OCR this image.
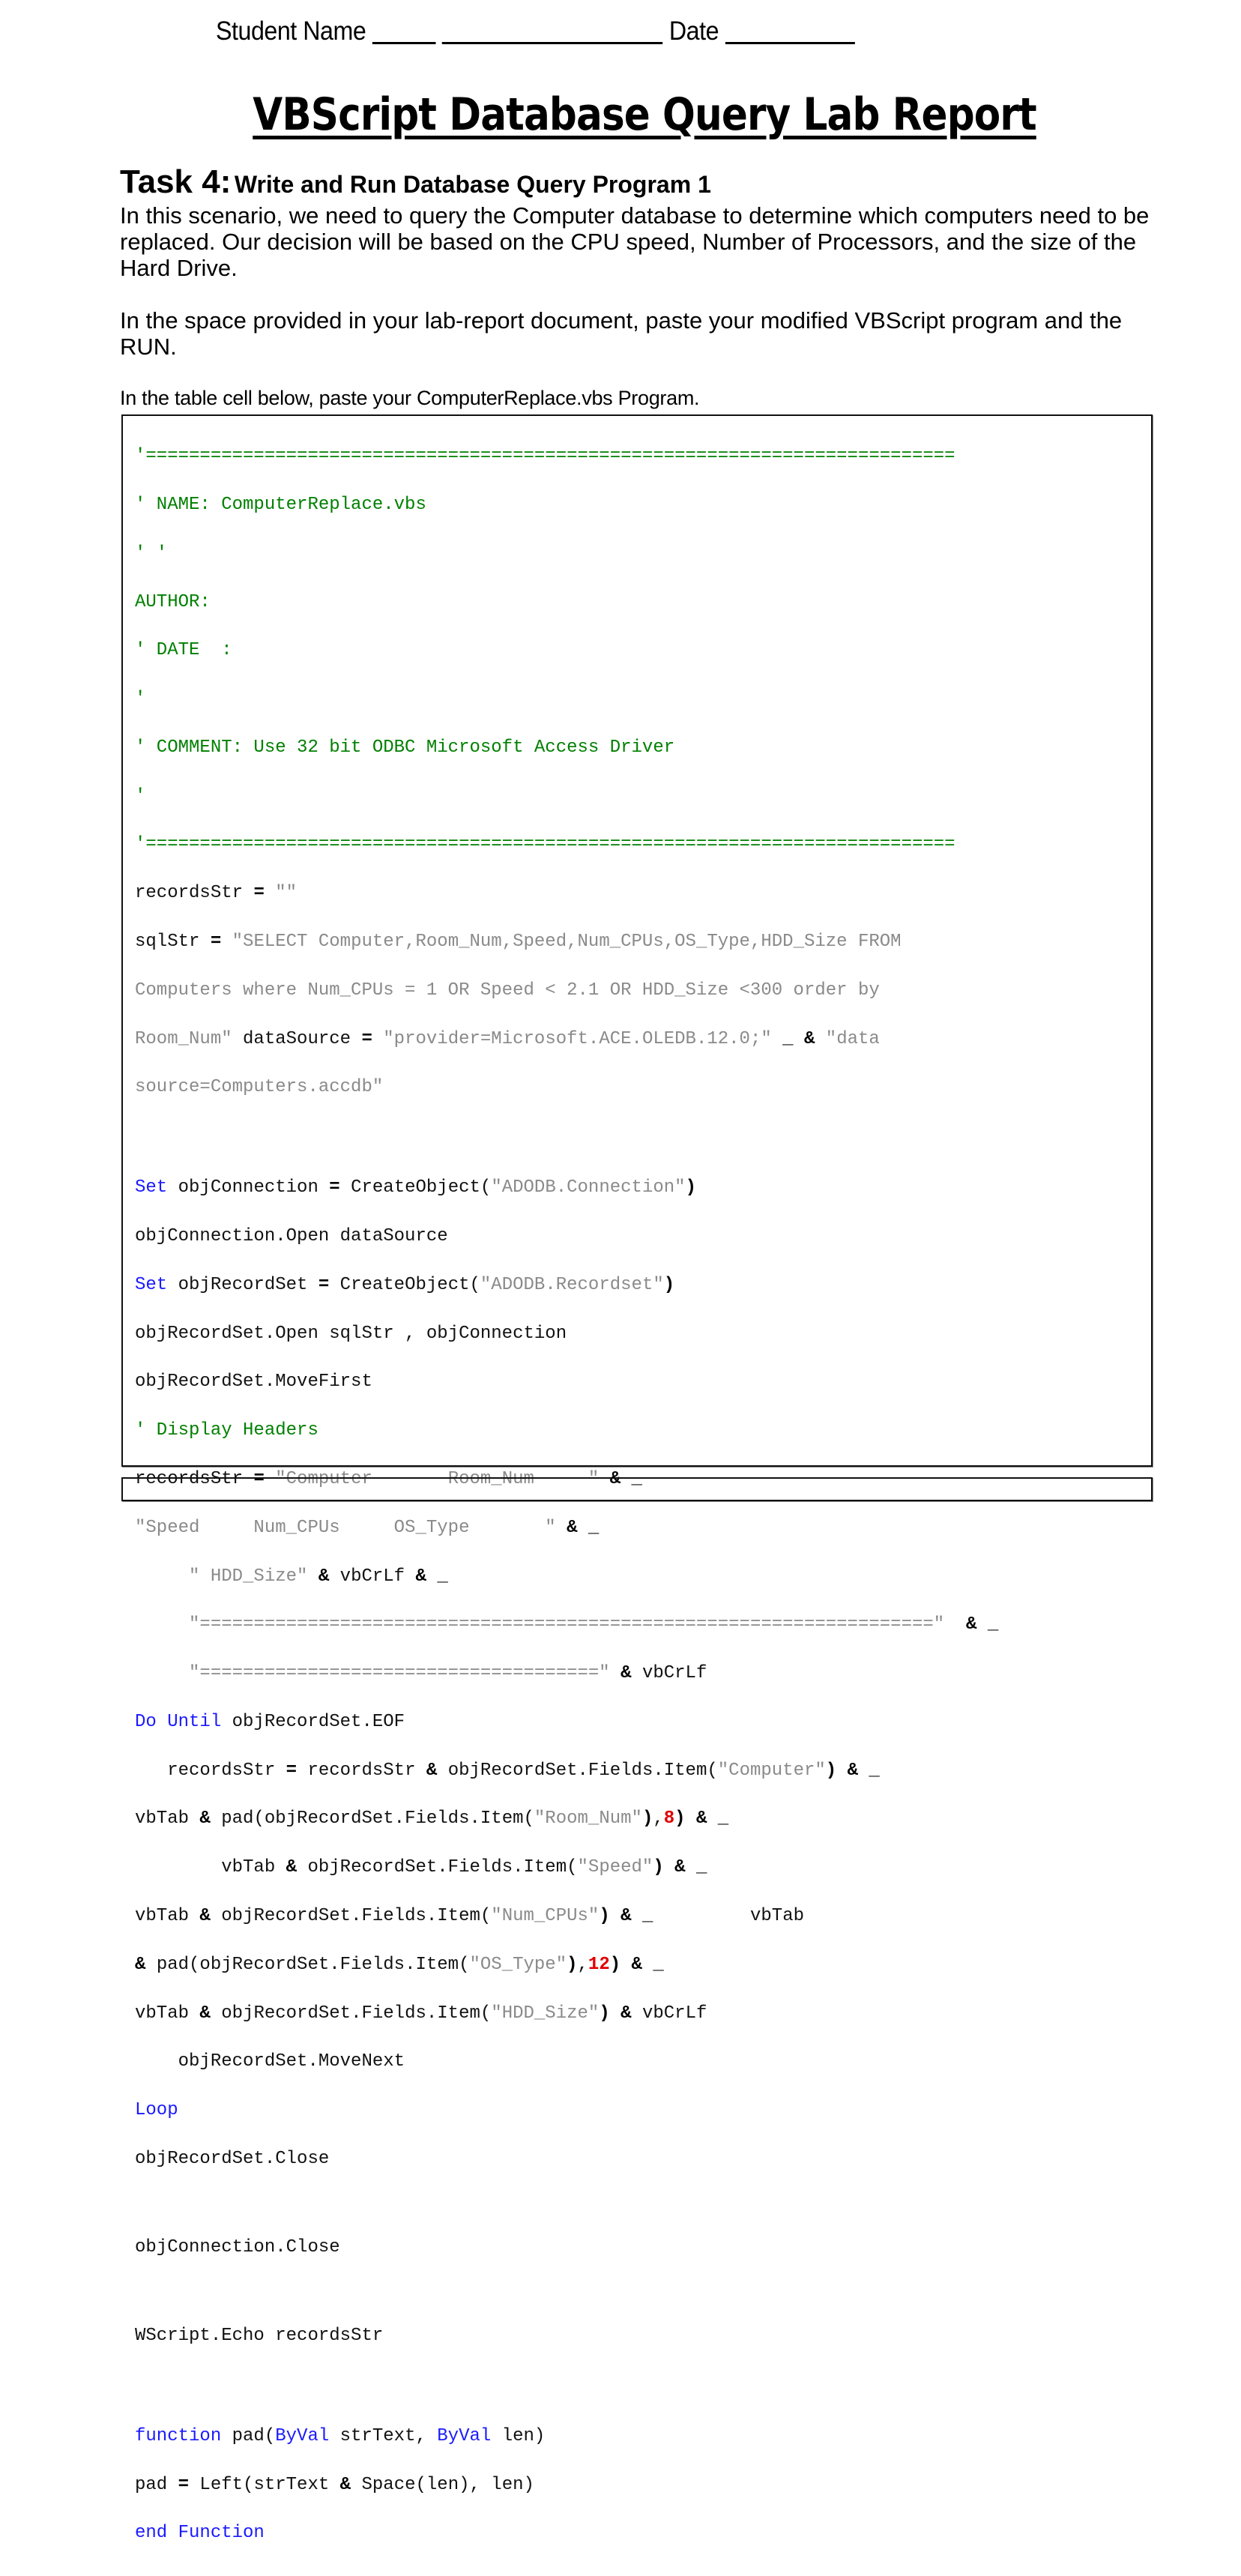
Student Name	Date
VBScript Database Query Lab Report
Task 4: Write and Run Database Query Program 1
In this scenario, we need to query the Computer database to determine which computers need to be replaced. Our decision will be based on the CPU speed, Number of Processors, and the size of the Hard Drive.
In the space provided in your lab-report document, paste your modified VBScript program and the RUN.
In the table cell below, paste your ComputerReplace.vbs Program.

'===========================================================================

' NAME: ComputerReplace.vbs

' '

AUTHOR:

' DATE  :

'

' COMMENT: Use 32 bit ODBC Microsoft Access Driver

'

'===========================================================================

recordsStr = ""

sqlStr = "SELECT Computer,Room_Num,Speed,Num_CPUs,OS_Type,HDD_Size FROM

Computers where Num_CPUs = 1 OR Speed < 2.1 OR HDD_Size <300 order by

Room_Num" dataSource = "provider=Microsoft.ACE.OLEDB.12.0;" _ & "data

source=Computers.accdb"

Set objConnection = CreateObject("ADODB.Connection")

objConnection.Open dataSource

Set objRecordSet = CreateObject("ADODB.Recordset")

objRecordSet.Open sqlStr , objConnection

objRecordSet.MoveFirst

' Display Headers

recordsStr = "Computer       Room_Num     " & _

"Speed     Num_CPUs     OS_Type       " & _

" HDD_Size" & vbCrLf & _

"====================================================================" & _

"=====================================" & vbCrLf

Do Until objRecordSet.EOF

recordsStr = recordsStr & objRecordSet.Fields.Item("Computer") & _

vbTab & pad(objRecordSet.Fields.Item("Room_Num"),8) & _

vbTab & objRecordSet.Fields.Item("Speed") & _

vbTab & objRecordSet.Fields.Item("Num_CPUs") & _	vbTab

& pad(objRecordSet.Fields.Item("OS_Type"),12) & _

vbTab & objRecordSet.Fields.Item("HDD_Size") & vbCrLf

objRecordSet.MoveNext

Loop

objRecordSet.Close

objConnection.Close

WScript.Echo recordsStr

function pad(ByVal strText, ByVal len)

pad = Left(strText & Space(len), len)

end Function
